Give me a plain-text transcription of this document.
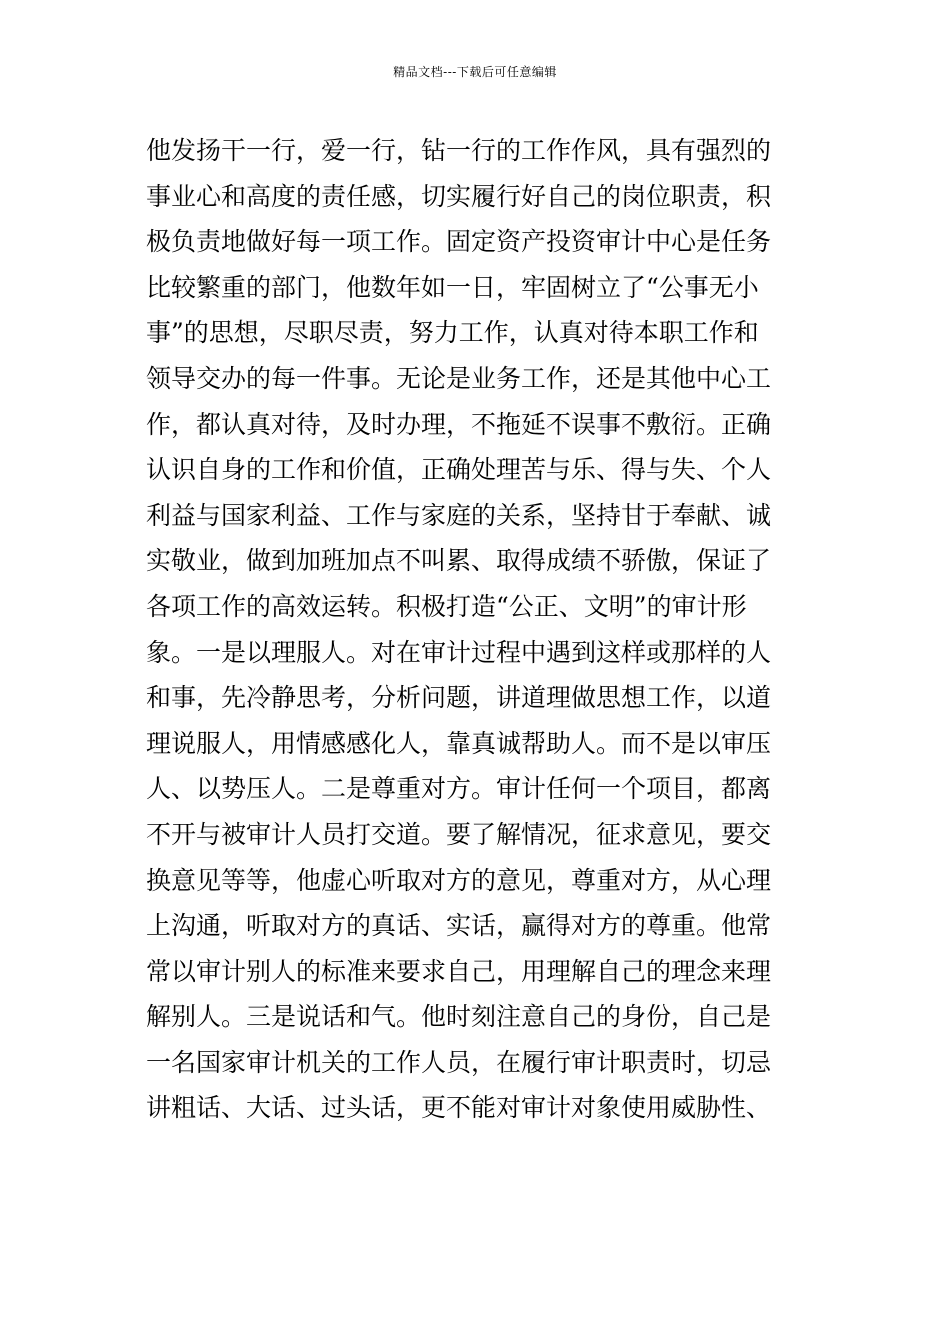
精品文档---下载后可任意编辑
他发扬干一行，爱一行，钻一行的工作作风，具有强烈的
事业心和高度的责任感，切实履行好自己的岗位职责，积
极负责地做好每一项工作。固定资产投资审计中心是任务
比较繁重的部门，他数年如一日，牢固树立了“公事无小
事”的思想，尽职尽责，努力工作，认真对待本职工作和
领导交办的每一件事。无论是业务工作，还是其他中心工
作，都认真对待，及时办理，不拖延不误事不敷衍。正确
认识自身的工作和价值，正确处理苦与乐、得与失、个人
利益与国家利益、工作与家庭的关系，坚持甘于奉献、诚
实敬业，做到加班加点不叫累、取得成绩不骄傲，保证了
各项工作的高效运转。积极打造“公正、文明”的审计形
象。一是以理服人。对在审计过程中遇到这样或那样的人
和事，先冷静思考，分析问题，讲道理做思想工作，以道
理说服人，用情感感化人，靠真诚帮助人。而不是以审压
人、以势压人。二是尊重对方。审计任何一个项目，都离
不开与被审计人员打交道。要了解情况，征求意见，要交
换意见等等，他虚心听取对方的意见，尊重对方，从心理
上沟通，听取对方的真话、实话，赢得对方的尊重。他常
常以审计别人的标准来要求自己，用理解自己的理念来理
解别人。三是说话和气。他时刻注意自己的身份，自己是
一名国家审计机关的工作人员，在履行审计职责时，切忌
讲粗话、大话、过头话，更不能对审计对象使用威胁性、
